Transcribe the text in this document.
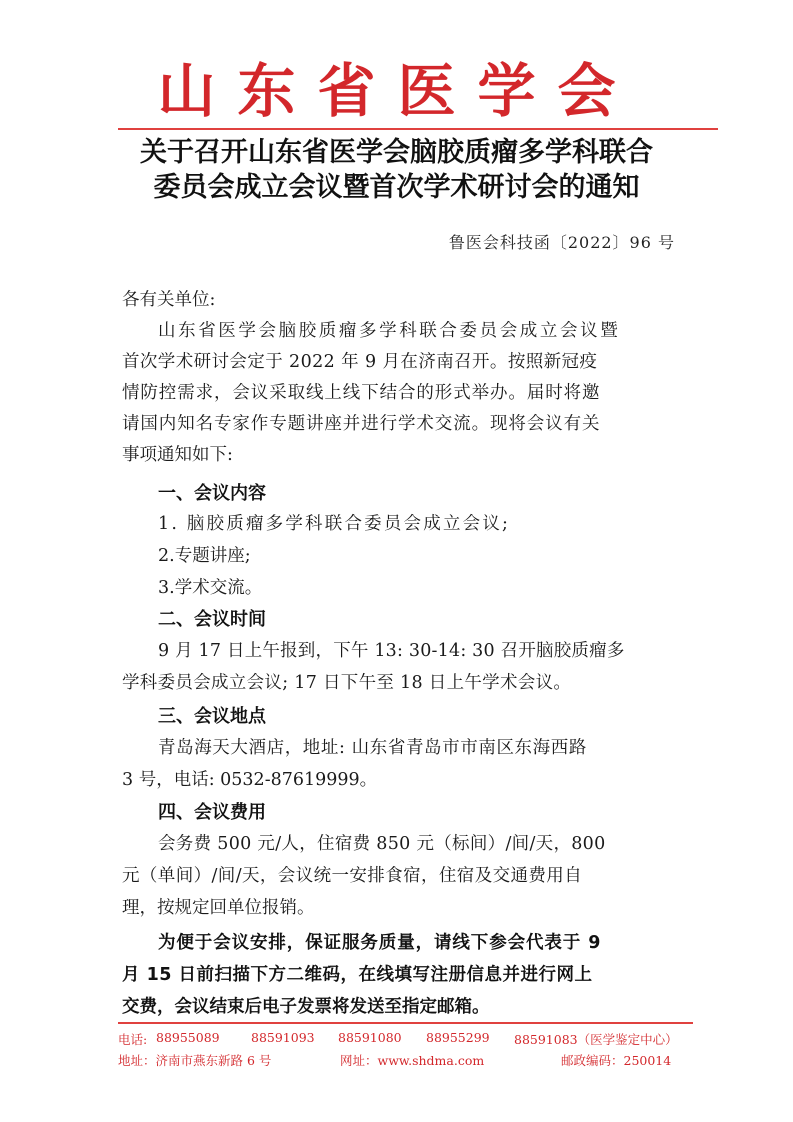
山东省医学会
关于召开山东省医学会脑胶质瘤多学科联合
委员会成立会议暨首次学术研讨会的通知
鲁医会科技函〔2022〕96 号
各有关单位:
山东省医学会脑胶质瘤多学科联合委员会成立会议暨
首次学术研讨会定于 2022 年 9 月在济南召开。按照新冠疫
情防控需求，会议采取线上线下结合的形式举办。届时将邀
请国内知名专家作专题讲座并进行学术交流。现将会议有关
事项通知如下:
一、会议内容
1. 脑胶质瘤多学科联合委员会成立会议;
2.专题讲座;
3.学术交流。
二、会议时间
9 月 17 日上午报到，下午 13: 30-14: 30 召开脑胶质瘤多
学科委员会成立会议; 17 日下午至 18 日上午学术会议。
三、会议地点
青岛海天大酒店，地址: 山东省青岛市市南区东海西路
3 号，电话: 0532-87619999。
四、会议费用
会务费 500 元/人，住宿费 850 元（标间）/间/天，800
元（单间）/间/天，会议统一安排食宿，住宿及交通费用自
理，按规定回单位报销。
为便于会议安排，保证服务质量，请线下参会代表于 9
月 15 日前扫描下方二维码，在线填写注册信息并进行网上
交费，会议结束后电子发票将发送至指定邮箱。
电话: 88955089	88591093 88591080 88955299 88591083（医学鉴定中心）
地址：济南市燕东新路 6 号	网址：www.shdma.com	邮政编码：250014
